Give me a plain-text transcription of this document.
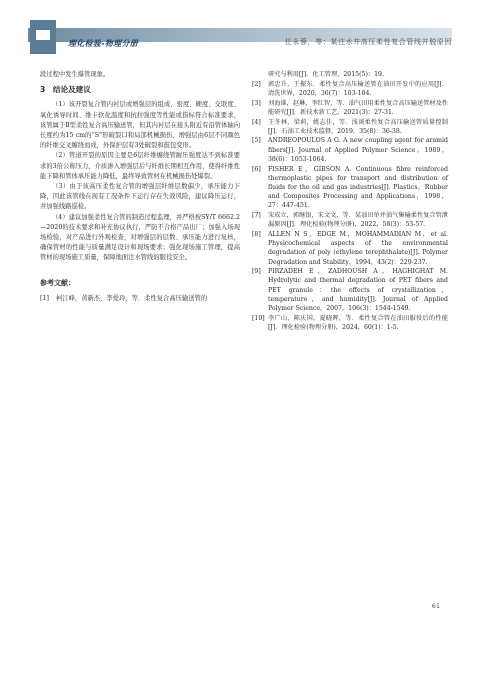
理化检验-物理分册	任永蓉，等：某注水井高压柔性复合管线井脱原因

段过程中发生爆管现象。

3　结论及建议

（1）该开裂复合管内衬层或增强层的组成、密度、硬度、交联度、氧化诱导时间、维卡软化温度和抗拉强度等性能或指标符合标准要求，该管属于Ⅱ型柔性复合高压输送管，但其内衬层在接头附近有沿管体轴向长度约为15 cm的“S”形破裂口和局部机械损伤，增强层由6层不同颜色的纤维交叉缠绕而成，外保护层有3处破裂和鼓包变形。

（2）管道开裂的原因主要是6层纤维缠绕管耐压强度达不到标准要求的3倍公称压力，介质渗入增强层后与纤维长期相互作用，使得纤维性能下降和管体承压能力降低，最终导致管材在机械损伤处爆裂。

（3）由于该高压柔性复合管的增强层纤维层数偏少，承压能力下降，因此该管线在现有工况条件下运行存在失效风险，建议降压运行，并加强线路巡检。

（4）建议加强柔性复合管的制造过程监理，并严格按SY/T 6662.2—2020的技术要求和补充协议执行，严防不合格产品出厂；加强入场现场检验，对产品进行外观检查，对增强层的层数、承压能力进行复核，确保管材的性能与质量满足设计和现场要求；强化现场施工管理，提高管材的现场施工质量，保障地面注水管线的服役安全。

参考文献：
[1]	柯江峰，黄新杰，李爱玲，等．柔性复合高压输送管的
研究与利用[J]．化工管理，2015(5)：19.
[2]	郭忠升，王振东．柔性复合高压输送管在油田开发中的应用[J]．清洗世界，2020，36(7)：103-104.
[3]	刘海谁，赵琳，李红智，等．油气田用柔性复合高压输送管材及性能研究[J]．新技术新工艺，2021(3)：27-31.
[4]	王冬林，梁莉，姚志佳，等．浅谈柔性复合高压输送管质量控制[J]．石油工业技术监督，2019，35(8)：36-38.
[5]	ANDREOPOULOS A G. A new coupling agent for aramid fibers[J]. Journal of Applied Polymer Science，1989，38(6)：1053-1064.
[6]	FISHER E，GIBSON A. Continuous fibre reinforced thermoplastic pipes for transport and distribution of fluids for the oil and gas industries[J]. Plastics，Rubber and Composites Processing and Applications，1998，27：447-451.
[7]	宋成立，郭继银，宋文文，等．某油田单井油气集输柔性复合管泄漏原因[J]．理化检验(物理分册)，2022，58(3)：53-57.
[8]	ALLEN N S，EDGE M，MOHAMMADIAN M，et al. Physicochemical aspects of the environmental degradation of poly (ethylene terephthalate)[J]. Polymer Degradation and Stability，1994，43(2)：229-237.
[9]	PIRZADEH E，ZADHOUSH A，HAGHIGHAT M. Hydrolytic and thermal degradation of PET fibers and PET granule：the effects of crystallization，temperature，and humidity[J]. Journal of Applied Polymer Science，2007，106(3)：1544-1549.
[10] 李广山，陈庆国，夏晓晖，等．柔性复合管在油田服役后的性能[J]．理化检验(物理分册)，2024，60(1)：1-5.
61
